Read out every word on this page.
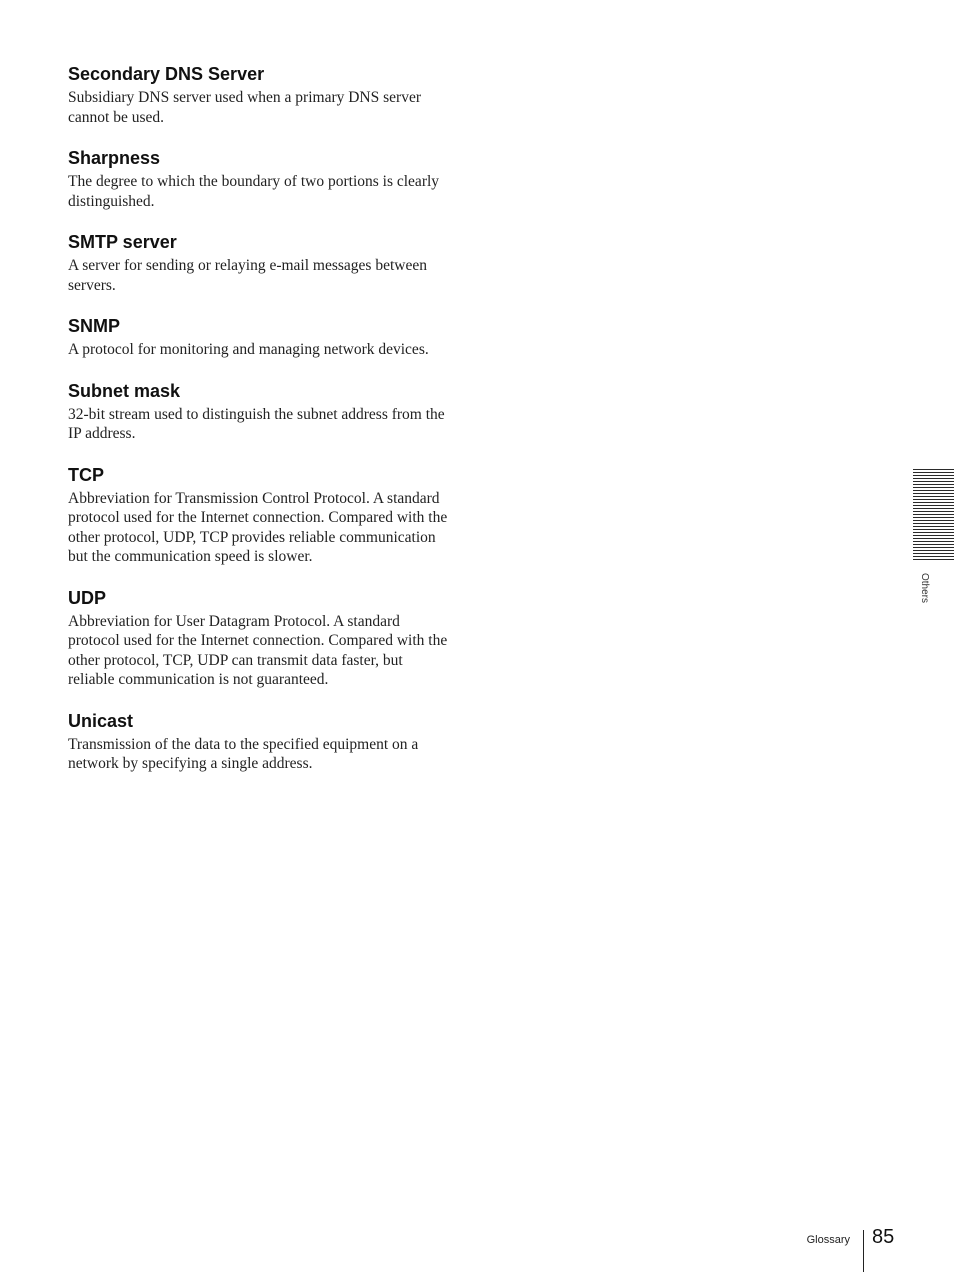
Secondary DNS Server

Subsidiary DNS server used when a primary DNS server cannot be used.

Sharpness

The degree to which the boundary of two portions is clearly distinguished.

SMTP server

A server for sending or relaying e-mail messages between servers.

SNMP

A protocol for monitoring and managing network devices.

Subnet mask

32-bit stream used to distinguish the subnet address from the IP address.

TCP

Abbreviation for Transmission Control Protocol. A standard protocol used for the Internet connection. Compared with the other protocol, UDP, TCP provides reliable communication but the communication speed is slower.

UDP

Abbreviation for User Datagram Protocol. A standard protocol used for the Internet connection. Compared with the other protocol, TCP, UDP can transmit data faster, but reliable communication is not guaranteed.

Unicast

Transmission of the data to the specified equipment on a network by specifying a single address.

Others
Glossary 85
